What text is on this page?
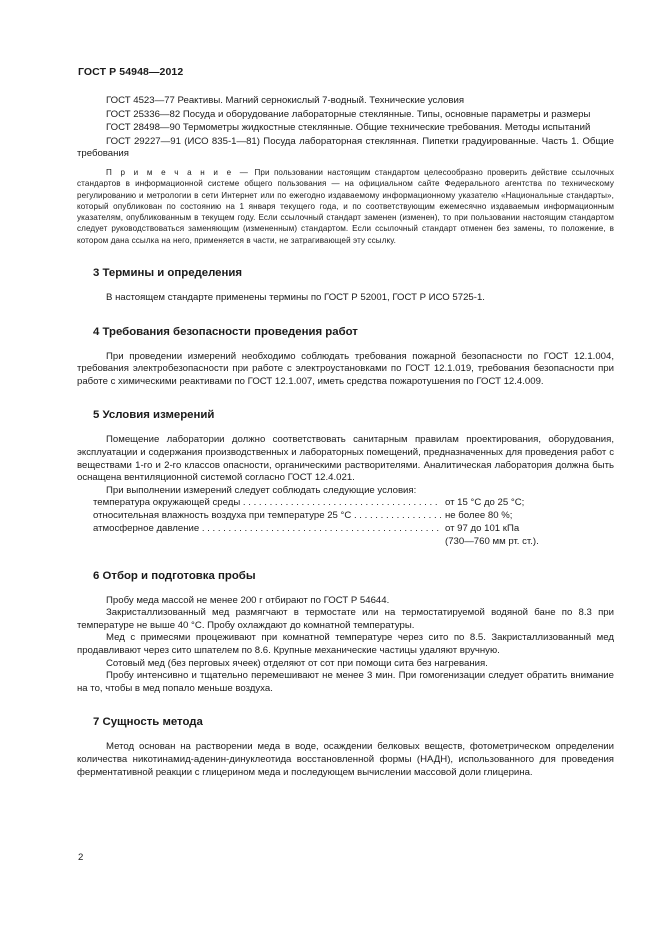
ГОСТ Р 54948—2012

ГОСТ 4523—77 Реактивы. Магний сернокислый 7-водный. Технические условия

ГОСТ 25336—82 Посуда и оборудование лабораторные стеклянные. Типы, основные параметры и размеры

ГОСТ 28498—90 Термометры жидкостные стеклянные. Общие технические требования. Методы испытаний

ГОСТ 29227—91 (ИСО 835-1—81) Посуда лабораторная стеклянная. Пипетки градуированные. Часть 1. Общие требования

П р и м е ч а н и е — При пользовании настоящим стандартом целесообразно проверить действие ссылочных стандартов в информационной системе общего пользования — на официальном сайте Федерального агентства по техническому регулированию и метрологии в сети Интернет или по ежегодно издаваемому информационному указателю «Национальные стандарты», который опубликован по состоянию на 1 января текущего года, и по соответствующим ежемесячно издаваемым информационным указателям, опубликованным в текущем году. Если ссылочный стандарт заменен (изменен), то при пользовании настоящим стандартом следует руководствоваться заменяющим (измененным) стандартом. Если ссылочный стандарт отменен без замены, то положение, в котором дана ссылка на него, применяется в части, не затрагивающей эту ссылку.

3 Термины и определения

В настоящем стандарте применены термины по ГОСТ Р 52001, ГОСТ Р ИСО 5725-1.

4 Требования безопасности проведения работ

При проведении измерений необходимо соблюдать требования пожарной безопасности по ГОСТ 12.1.004, требования электробезопасности при работе с электроустановками по ГОСТ 12.1.019, требования безопасности при работе с химическими реактивами по ГОСТ 12.1.007, иметь средства пожаротушения по ГОСТ 12.4.009.

5 Условия измерений

Помещение лаборатории должно соответствовать санитарным правилам проектирования, оборудования, эксплуатации и содержания производственных и лабораторных помещений, предназначенных для проведения работ с веществами 1-го и 2-го классов опасности, органическими растворителями. Аналитическая лаборатория должна быть оснащена вентиляционной системой согласно ГОСТ 12.4.021.

При выполнении измерений следует соблюдать следующие условия:

температура окружающей среды . . .	от 15 °С до 25 °С;
относительная влажность воздуха при температуре 25 °С . . .	не более 80 %;
атмосферное давление . . .	от 97 до 101 кПа

(730—760 мм рт. ст.).

6 Отбор и подготовка пробы

Пробу меда массой не менее 200 г отбирают по ГОСТ Р 54644.

Закристаллизованный мед размягчают в термостате или на термостатируемой водяной бане по 8.3 при температуре не выше 40 °С. Пробу охлаждают до комнатной температуры.

Мед с примесями процеживают при комнатной температуре через сито по 8.5. Закристаллизованный мед продавливают через сито шпателем по 8.6. Крупные механические частицы удаляют вручную.

Сотовый мед (без перговых ячеек) отделяют от сот при помощи сита без нагревания.

Пробу интенсивно и тщательно перемешивают не менее 3 мин. При гомогенизации следует обратить внимание на то, чтобы в мед попало меньше воздуха.

7 Сущность метода

Метод основан на растворении меда в воде, осаждении белковых веществ, фотометрическом определении количества никотинамид-аденин-динуклеотида восстановленной формы (НАДН), использованного для проведения ферментативной реакции с глицерином меда и последующем вычислении массовой доли глицерина.

2
